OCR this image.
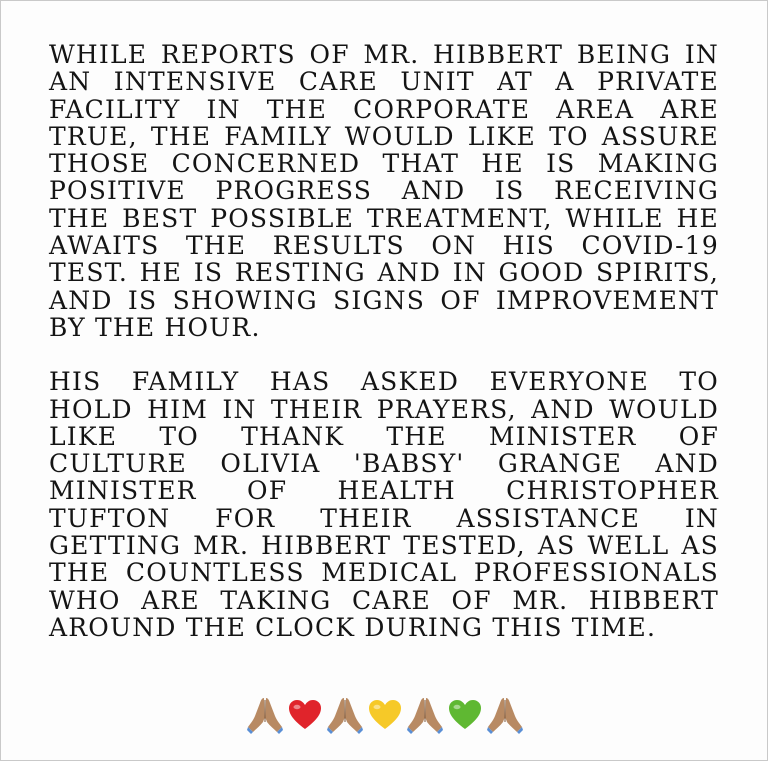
WHILE REPORTS OF MR. HIBBERT BEING IN
AN INTENSIVE CARE UNIT AT A PRIVATE
FACILITY IN THE CORPORATE AREA ARE
TRUE, THE FAMILY WOULD LIKE TO ASSURE
THOSE CONCERNED THAT HE IS MAKING
POSITIVE PROGRESS AND IS RECEIVING
THE BEST POSSIBLE TREATMENT, WHILE HE
AWAITS THE RESULTS ON HIS COVID-19
TEST. HE IS RESTING AND IN GOOD SPIRITS,
AND IS SHOWING SIGNS OF IMPROVEMENT
BY THE HOUR.

HIS FAMILY HAS ASKED EVERYONE TO
HOLD HIM IN THEIR PRAYERS, AND WOULD
LIKE TO THANK THE MINISTER OF
CULTURE OLIVIA 'BABSY' GRANGE AND
MINISTER OF HEALTH CHRISTOPHER
TUFTON FOR THEIR ASSISTANCE IN
GETTING MR. HIBBERT TESTED, AS WELL AS
THE COUNTLESS MEDICAL PROFESSIONALS
WHO ARE TAKING CARE OF MR. HIBBERT
AROUND THE CLOCK DURING THIS TIME.
